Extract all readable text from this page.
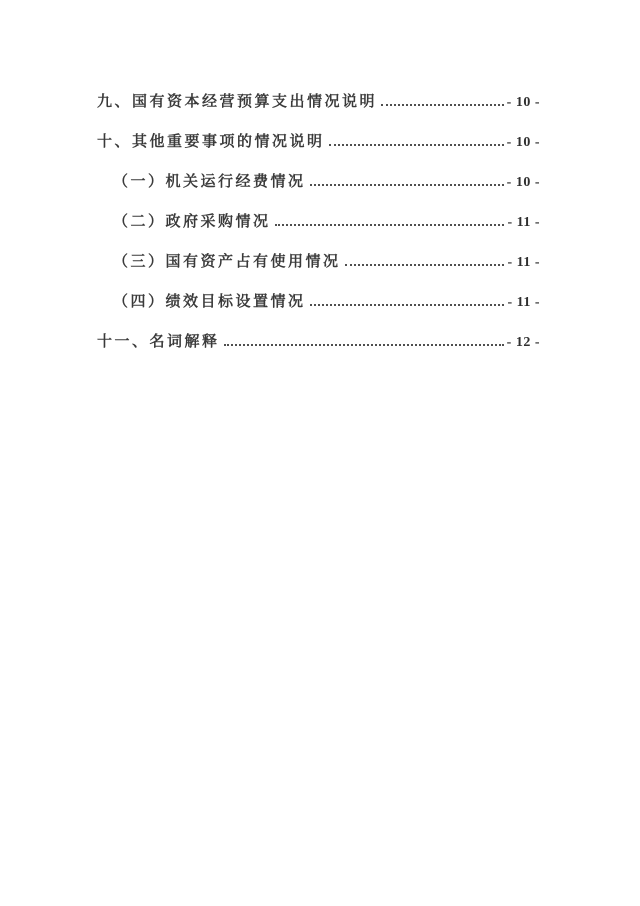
九、国有资本经营预算支出情况说明	- 10 -
十、其他重要事项的情况说明	- 10 -
（一）机关运行经费情况	- 10 -
（二）政府采购情况	- 11 -
（三）国有资产占有使用情况	- 11 -
（四）绩效目标设置情况	- 11 -
十一、名词解释	- 12 -
